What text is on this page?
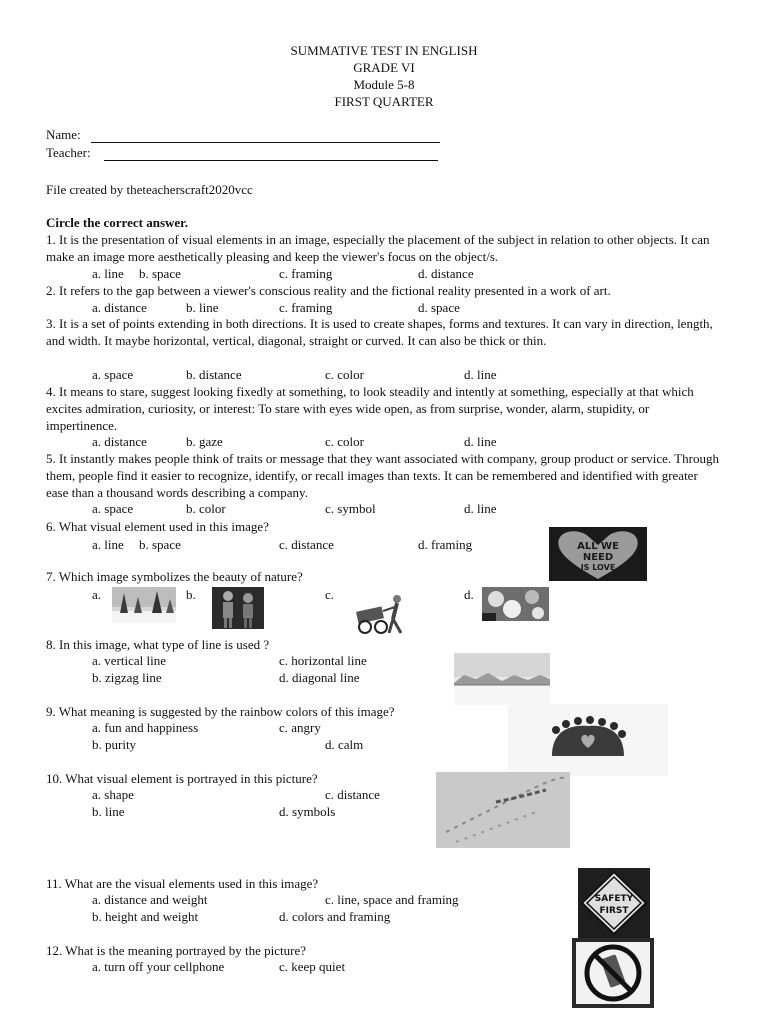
SUMMATIVE TEST IN ENGLISH
GRADE VI
Module 5-8
FIRST QUARTER
Name:
Teacher:
File created by theteacherscraft2020vcc
Circle the correct answer.
1. It is the presentation of visual elements in an image, especially the placement of the subject in relation to other objects. It can make an image more aesthetically pleasing and keep the viewer's focus on the object/s.
a. line b. space	c. framing	d. distance
2. It refers to the gap between a viewer's conscious reality and the fictional reality presented in a work of art.
a. distance	b. line	c. framing	d. space
3. It is a set of points extending in both directions. It is used to create shapes, forms and textures. It can vary in direction, length, and width. It maybe horizontal, vertical, diagonal, straight or curved. It can also be thick or thin.
a. space	b. distance	c. color	d. line
4. It means to stare, suggest looking fixedly at something, to look steadily and intently at something, especially at that which excites admiration, curiosity, or interest: To stare with eyes wide open, as from surprise, wonder, alarm, stupidity, or impertinence.
a. distance	b. gaze	c. color	d. line
5. It instantly makes people think of traits or message that they want associated with company, group product or service. Through them, people find it easier to recognize, identify, or recall images than texts. It can be remembered and identified with greater ease than a thousand words describing a company.
a. space	b. color	c. symbol	d. line
6. What visual element used in this image?
a. line b. space	c. distance	d. framing	ALL WE
NEED
IS LOVE
7. Which image symbolizes the beauty of nature?
a.	b.	c.	d.
8. In this image, what type of line is used ?
a. vertical line	c. horizontal line
b. zigzag line	d. diagonal line
9. What meaning is suggested by the rainbow colors of this image?
a. fun and happiness	c. angry
b. purity	d. calm
10. What visual element is portrayed in this picture?
a. shape	c. distance
b. line	d. symbols
11. What are the visual elements used in this image?
a. distance and weight	c. line, space and framing
b. height and weight	d. colors and framing
SAFETY
FIRST
12. What is the meaning portrayed by the picture?
a. turn off your cellphone	c. keep quiet
